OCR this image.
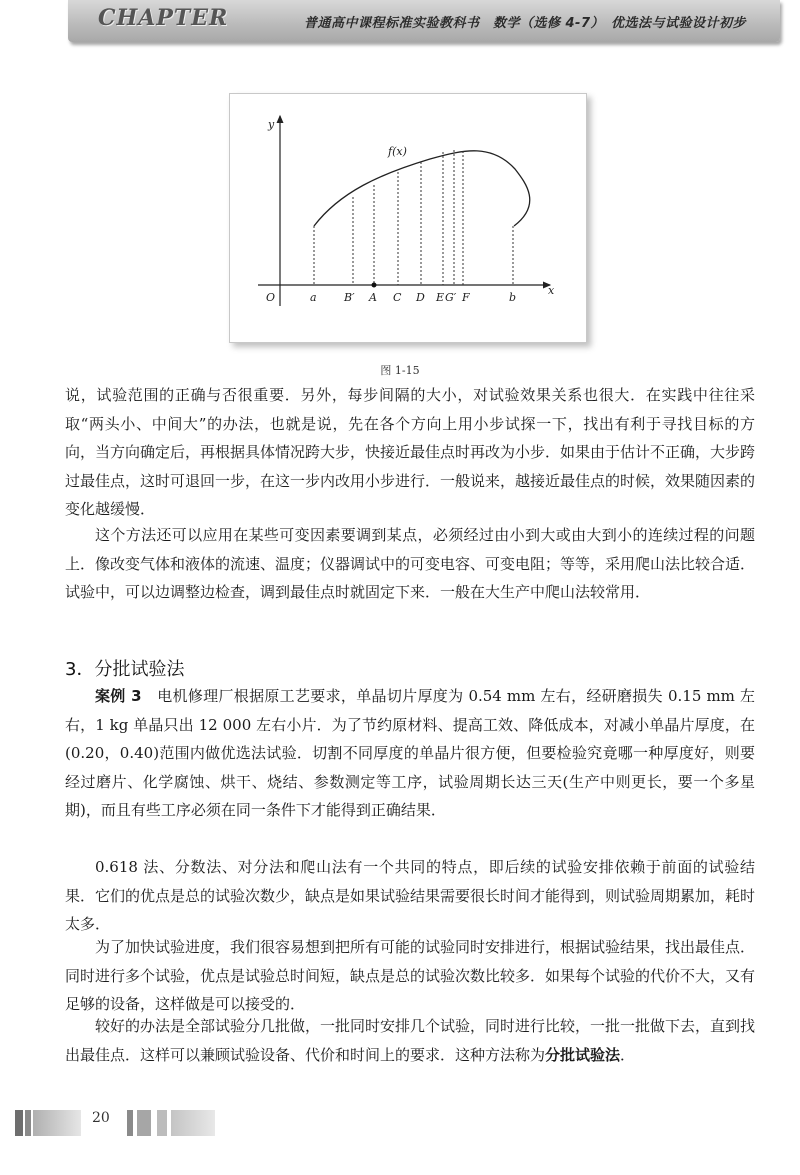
CHAPTER	普通高中课程标准实验教科书　数学（选修 4-7）　优选法与试验设计初步
y
x
O
f(x)
a B′ A C D E G′ F	b
图 1-15

说，试验范围的正确与否很重要．另外，每步间隔的大小，对试验效果关系也很大．在实践中往往采取“两头小、中间大”的办法，也就是说，先在各个方向上用小步试探一下，找出有利于寻找目标的方向，当方向确定后，再根据具体情况跨大步，快接近最佳点时再改为小步．如果由于估计不正确，大步跨过最佳点，这时可退回一步，在这一步内改用小步进行．一般说来，越接近最佳点的时候，效果随因素的变化越缓慢．

这个方法还可以应用在某些可变因素要调到某点，必须经过由小到大或由大到小的连续过程的问题上．像改变气体和液体的流速、温度；仪器调试中的可变电容、可变电阻；等等，采用爬山法比较合适．试验中，可以边调整边检查，调到最佳点时就固定下来．一般在大生产中爬山法较常用．

3．分批试验法

案例 3　 电机修理厂根据原工艺要求，单晶切片厚度为 0.54 mm 左右，经研磨损失 0.15 mm 左右，1 kg 单晶只出 12 000 左右小片．为了节约原材料、提高工效、降低成本，对减小单晶片厚度，在(0.20，0.40)范围内做优选法试验．切割不同厚度的单晶片很方便，但要检验究竟哪一种厚度好，则要经过磨片、化学腐蚀、烘干、烧结、参数测定等工序，试验周期长达三天(生产中则更长，要一个多星期)，而且有些工序必须在同一条件下才能得到正确结果．

0.618 法、分数法、对分法和爬山法有一个共同的特点，即后续的试验安排依赖于前面的试验结果．它们的优点是总的试验次数少，缺点是如果试验结果需要很长时间才能得到，则试验周期累加，耗时太多．

为了加快试验进度，我们很容易想到把所有可能的试验同时安排进行，根据试验结果，找出最佳点．同时进行多个试验，优点是试验总时间短，缺点是总的试验次数比较多．如果每个试验的代价不大，又有足够的设备，这样做是可以接受的．

较好的办法是全部试验分几批做，一批同时安排几个试验，同时进行比较，一批一批做下去，直到找出最佳点．这样可以兼顾试验设备、代价和时间上的要求．这种方法称为分批试验法．

20
